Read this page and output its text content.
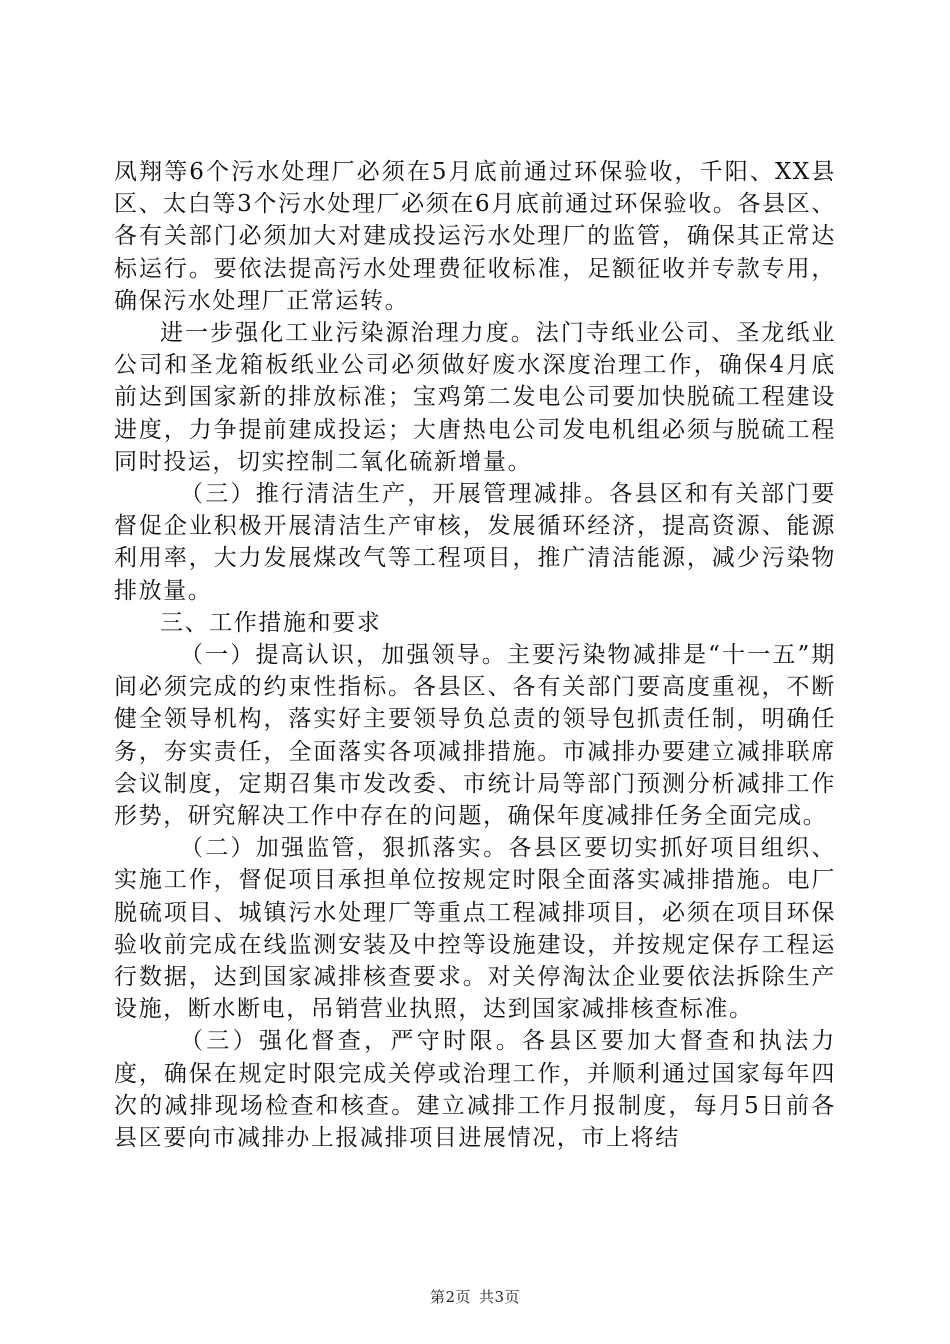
凤翔等6个污水处理厂必须在5月底前通过环保验收，千阳、XX县区、太白等3个污水处理厂必须在6月底前通过环保验收。各县区、各有关部门必须加大对建成投运污水处理厂的监管，确保其正常达标运行。要依法提高污水处理费征收标准，足额征收并专款专用，确保污水处理厂正常运转。

进一步强化工业污染源治理力度。法门寺纸业公司、圣龙纸业公司和圣龙箱板纸业公司必须做好废水深度治理工作，确保4月底前达到国家新的排放标准；宝鸡第二发电公司要加快脱硫工程建设进度，力争提前建成投运；大唐热电公司发电机组必须与脱硫工程同时投运，切实控制二氧化硫新增量。

（三）推行清洁生产，开展管理减排。各县区和有关部门要督促企业积极开展清洁生产审核，发展循环经济，提高资源、能源利用率，大力发展煤改气等工程项目，推广清洁能源，减少污染物排放量。

三、工作措施和要求

（一）提高认识，加强领导。主要污染物减排是“十一五”期间必须完成的约束性指标。各县区、各有关部门要高度重视，不断健全领导机构，落实好主要领导负总责的领导包抓责任制，明确任务，夯实责任，全面落实各项减排措施。市减排办要建立减排联席会议制度，定期召集市发改委、市统计局等部门预测分析减排工作形势，研究解决工作中存在的问题，确保年度减排任务全面完成。

（二）加强监管，狠抓落实。各县区要切实抓好项目组织、实施工作，督促项目承担单位按规定时限全面落实减排措施。电厂脱硫项目、城镇污水处理厂等重点工程减排项目，必须在项目环保验收前完成在线监测安装及中控等设施建设，并按规定保存工程运行数据，达到国家减排核查要求。对关停淘汰企业要依法拆除生产设施，断水断电，吊销营业执照，达到国家减排核查标准。

（三）强化督查，严守时限。各县区要加大督查和执法力度，确保在规定时限完成关停或治理工作，并顺利通过国家每年四次的减排现场检查和核查。建立减排工作月报制度，每月5日前各县区要向市减排办上报减排项目进展情况，市上将结

第2页 共3页
